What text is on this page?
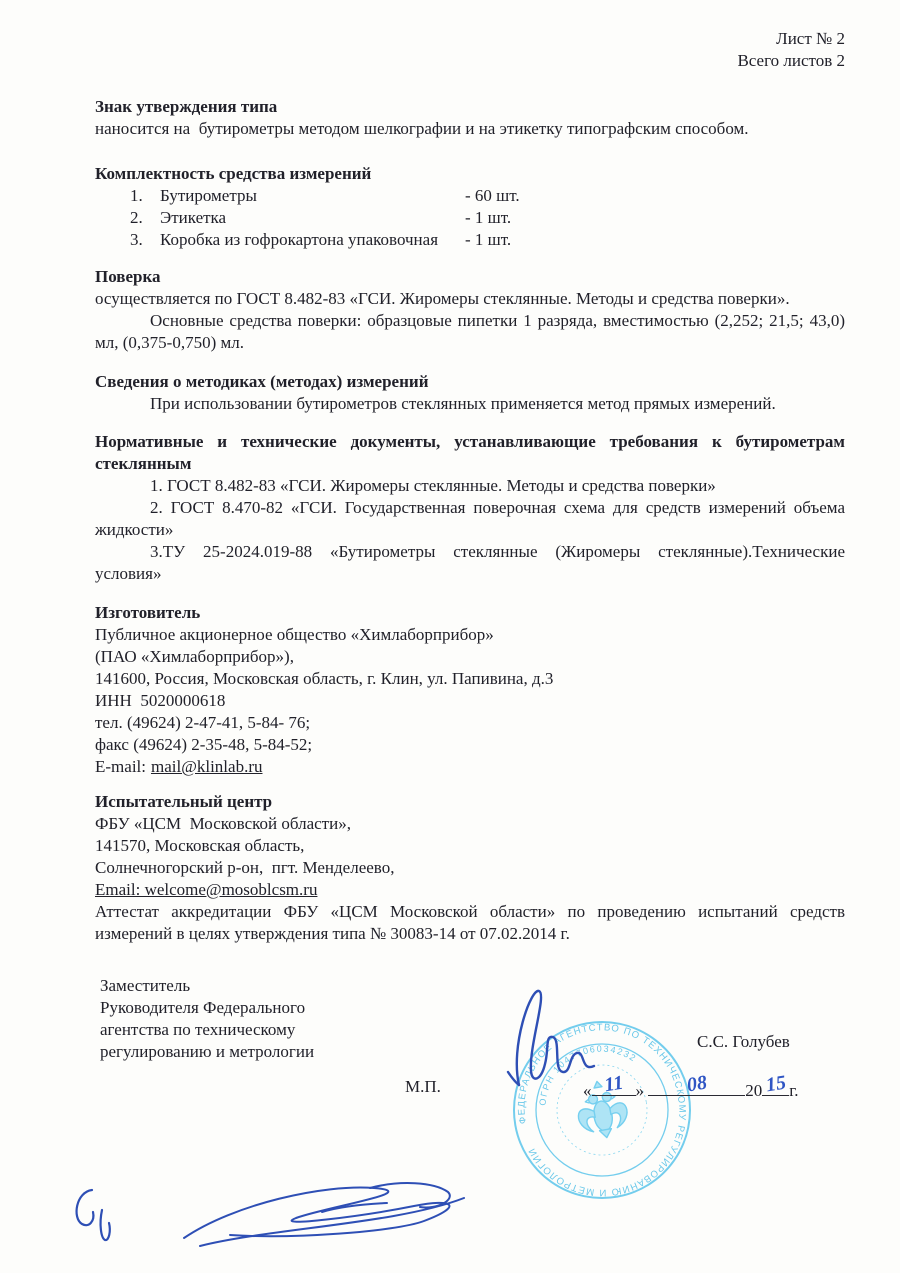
Лист № 2
Всего листов 2

Знак утверждения типа

наносится на  бутирометры методом шелкографии и на этикетку типографским способом.

Комплектность средства измерений

1.	Бутирометры	- 60 шт.
2.	Этикетка	- 1 шт.
3.	Коробка из гофрокартона упаковочная	- 1 шт.

Поверка

осуществляется по ГОСТ 8.482-83 «ГСИ. Жиромеры стеклянные. Методы и средства поверки».

Основные средства поверки: образцовые пипетки 1 разряда, вместимостью (2,252; 21,5; 43,0) мл, (0,375-0,750) мл.

Сведения о методиках (методах) измерений

При использовании бутирометров стеклянных применяется метод прямых измерений.

Нормативные и технические документы, устанавливающие требования к бутирометрам стеклянным

1. ГОСТ 8.482-83 «ГСИ. Жиромеры стеклянные. Методы и средства поверки»

2. ГОСТ 8.470-82 «ГСИ. Государственная поверочная схема для средств измерений объема жидкости»

3.ТУ 25-2024.019-88 «Бутирометры стеклянные (Жиромеры стеклянные).Технические условия»

Изготовитель

Публичное акционерное общество «Химлаборприбор»
(ПАО «Химлаборприбор»),
141600, Россия, Московская область, г. Клин, ул. Папивина, д.3
ИНН  5020000618
тел. (49624) 2-47-41, 5-84- 76;
факс (49624) 2-35-48, 5-84-52;
E-mail: mail@klinlab.ru

Испытательный центр

ФБУ «ЦСМ  Московской области»,
141570, Московская область,
Солнечногорский р-он,  пгт. Менделеево,
Email: welcome@mosoblcsm.ru

Аттестат аккредитации ФБУ «ЦСМ Московской области» по проведению испытаний средств измерений в целях утверждения типа № 30083-14 от 07.02.2014 г.

Заместитель
Руководителя Федерального
агентства по техническому
регулированию и метрологии
ФЕДЕРАЛЬНОЕ АГЕНТСТВО ПО ТЕХНИЧЕСКОМУ РЕГУЛИРОВАНИЮ И МЕТРОЛОГИИ
ОГРН 1047706034232
С.С. Голубев
М.П.	« 11 » 08 20 15 г.
